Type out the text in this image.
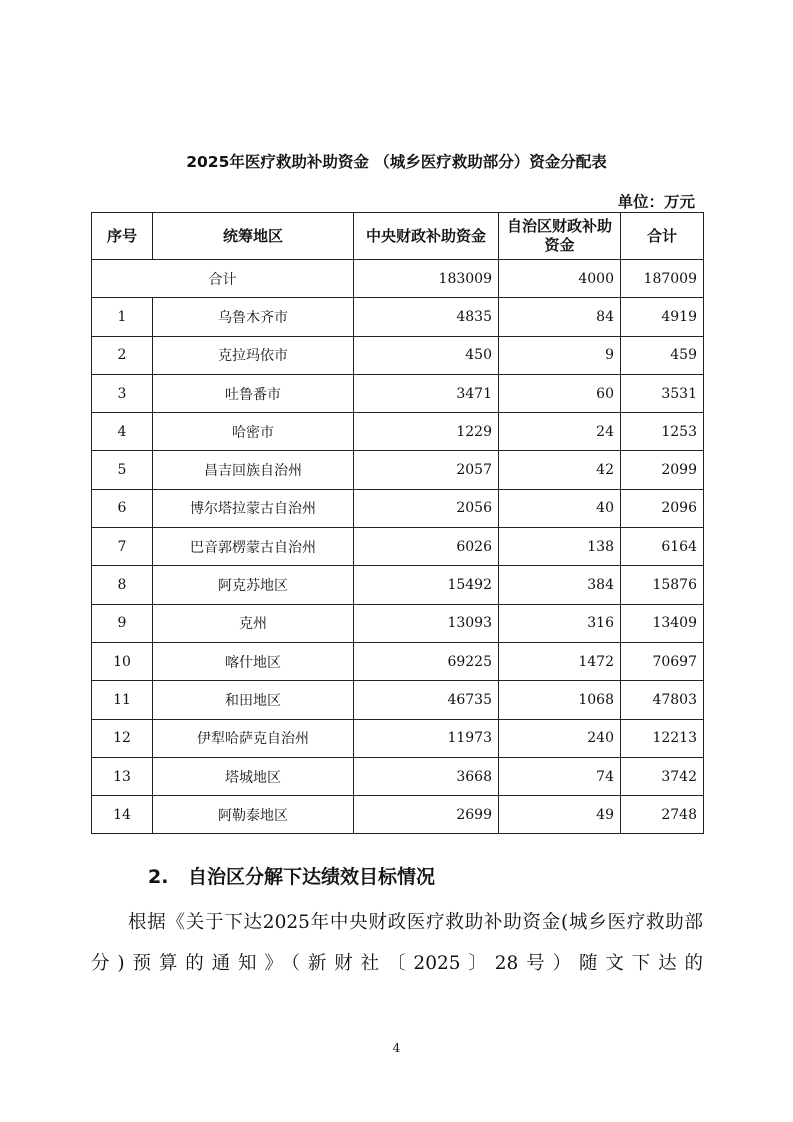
2025年医疗救助补助资金 （城乡医疗救助部分）资金分配表
单位：万元
序号	统筹地区	中央财政补助资金	自治区财政补助资金	合计
合计		183009	4000	187009
1	乌鲁木齐市	4835	84	4919
2	克拉玛依市	450	9	459
3	吐鲁番市	3471	60	3531
4	哈密市	1229	24	1253
5	昌吉回族自治州	2057	42	2099
6	博尔塔拉蒙古自治州	2056	40	2096
7	巴音郭楞蒙古自治州	6026	138	6164
8	阿克苏地区	15492	384	15876
9	克州	13093	316	13409
10	喀什地区	69225	1472	70697
11	和田地区	46735	1068	47803
12	伊犁哈萨克自治州	11973	240	12213
13	塔城地区	3668	74	3742
14	阿勒泰地区	2699	49	2748
2. 自治区分解下达绩效目标情况
根据《关于下达2025年中央财政医疗救助补助资金(城乡医疗救助部分)预算的通知》（新财社〔2025〕28号）随文下达的
4
